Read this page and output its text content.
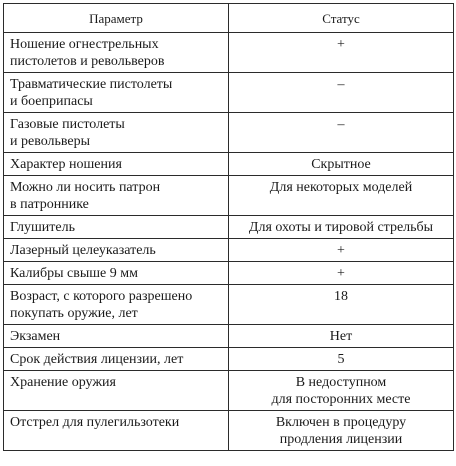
Параметр	Статус

Ношение огнестрельных
пистолетов и револьверов	+

Травматические пистолеты
и боеприпасы	–

Газовые пистолеты
и револьверы	–

Характер ношения	Скрытное

Можно ли носить патрон
в патроннике	Для некоторых моделей

Глушитель	Для охоты и тировой стрельбы

Лазерный целеуказатель	+

Калибры свыше 9 мм	+

Возраст, с которого разрешено
покупать оружие, лет	18

Экзамен	Нет

Срок действия лицензии, лет	5

Хранение оружия	В недоступном
для посторонних месте

Отстрел для пулегильзотеки	Включен в процедуру
продления лицензии
